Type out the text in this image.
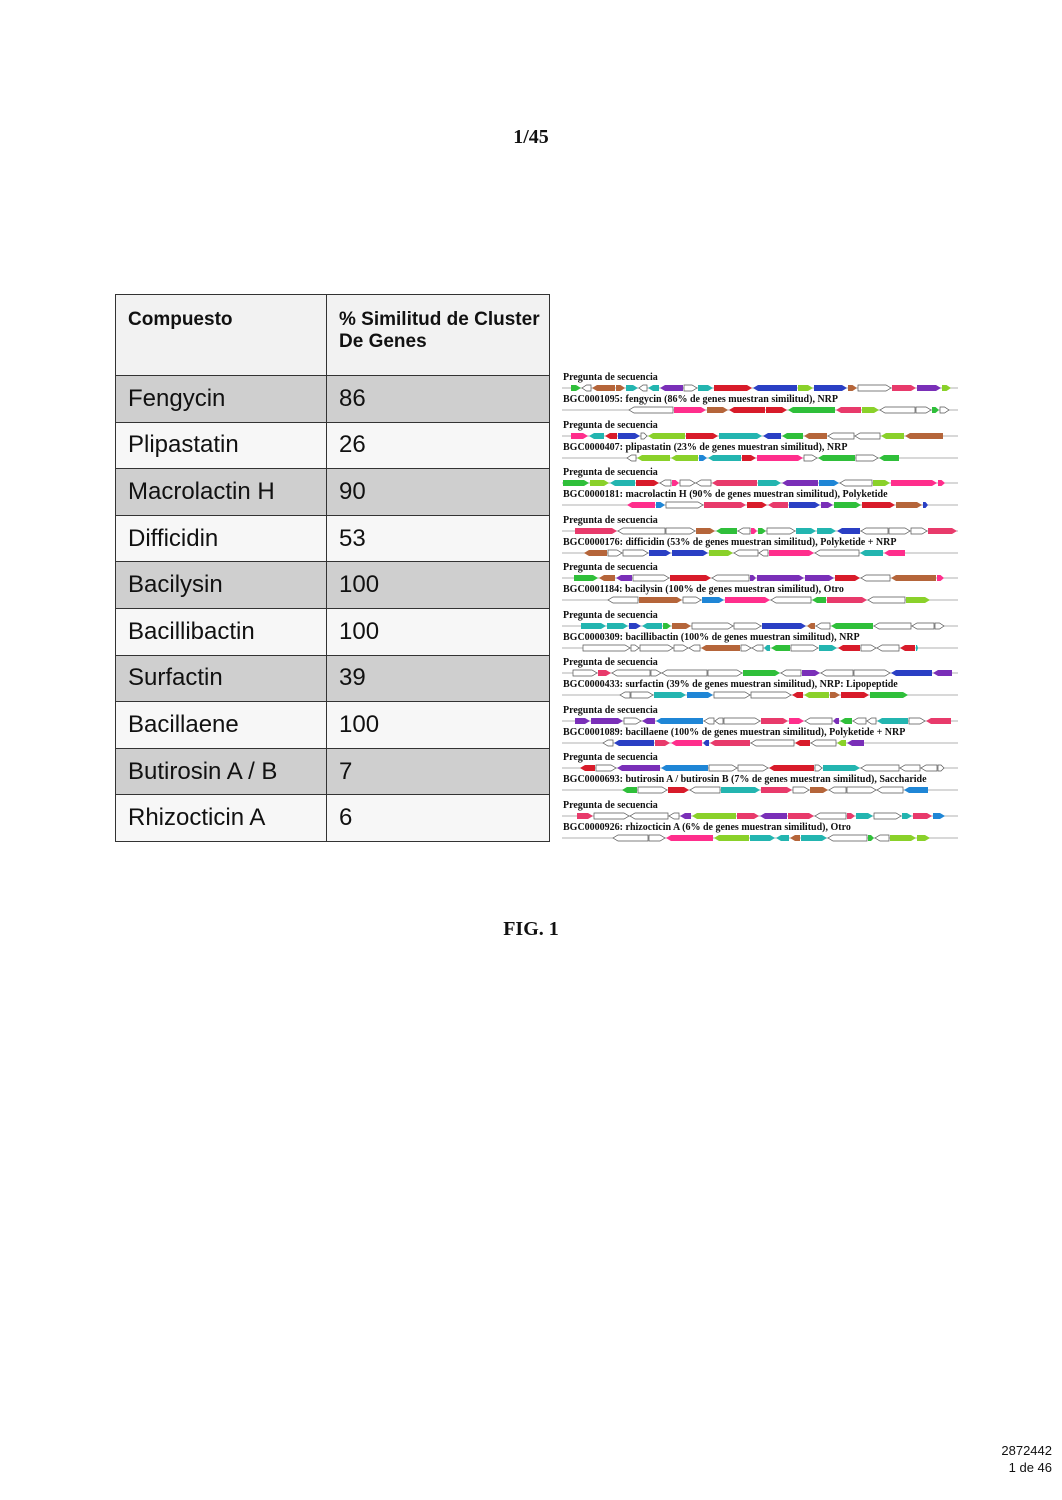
1/45
Compuesto	% Similitud de Cluster De Genes
Fengycin	86
Plipastatin	26
Macrolactin H	90
Difficidin	53
Bacilysin	100
Bacillibactin	100
Surfactin	39
Bacillaene	100
Butirosin A / B	7
Rhizocticin A	6
Pregunta de secuencia
BGC0001095: fengycin (86% de genes muestran similitud), NRP
Pregunta de secuencia
BGC0000407: plipastatin (23% de genes muestran similitud), NRP
Pregunta de secuencia
BGC0000181: macrolactin H (90% de genes muestran similitud), Polyketide
Pregunta de secuencia
BGC0000176: difficidin (53% de genes muestran similitud), Polyketide + NRP
Pregunta de secuencia
BGC0001184: bacilysin (100% de genes muestran similitud), Otro
Pregunta de secuencia
BGC0000309: bacillibactin (100% de genes muestran similitud), NRP
Pregunta de secuencia
BGC0000433: surfactin (39% de genes muestran similitud), NRP: Lipopeptide
Pregunta de secuencia
BGC0001089: bacillaene (100% de genes muestran similitud), Polyketide + NRP
Pregunta de secuencia
BGC0000693: butirosin A / butirosin B (7% de genes muestran similitud), Saccharide
Pregunta de secuencia
BGC0000926: rhizocticin A (6% de genes muestran similitud), Otro
FIG. 1
2872442
1 de 46
